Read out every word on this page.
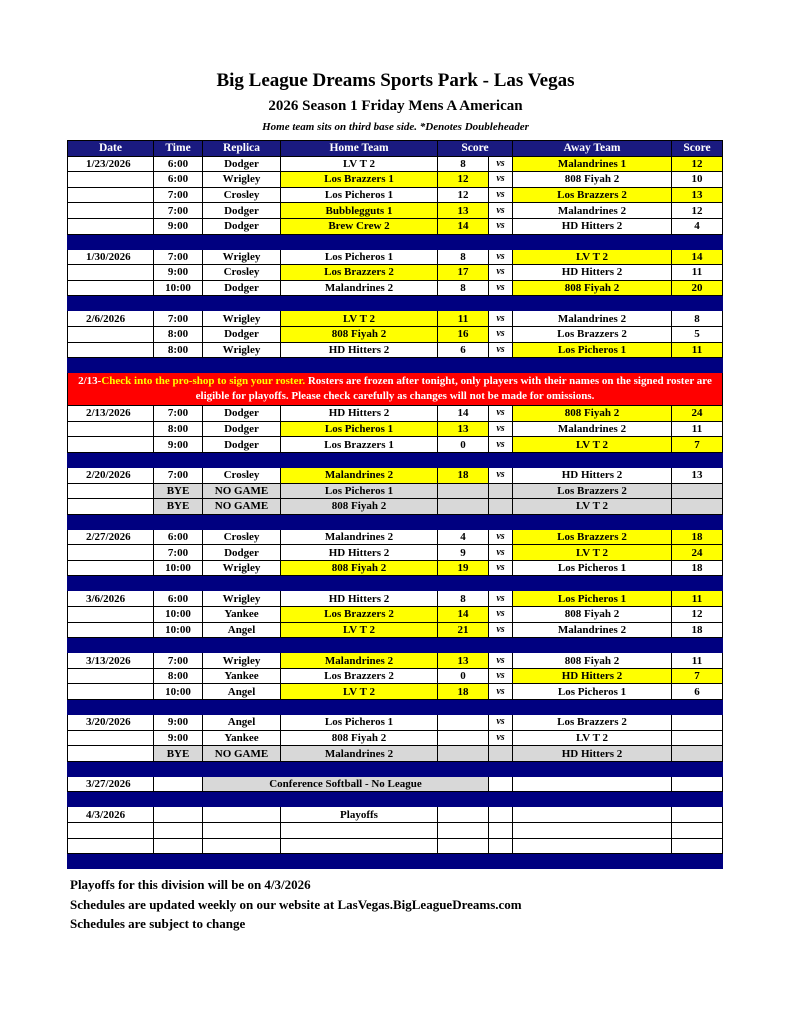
Big League Dreams Sports Park - Las Vegas
2026 Season 1 Friday Mens A American
Home team sits on third base side. *Denotes Doubleheader
Date	Time	Replica	Home Team	Score		Away Team	Score
1/23/2026	6:00	Dodger	LV T 2	8	vs	Malandrines 1	12
	6:00	Wrigley	Los Brazzers 1	12	vs	808 Fiyah 2	10
	7:00	Crosley	Los Picheros 1	12	vs	Los Brazzers 2	13
	7:00	Dodger	Bubblegguts 1	13	vs	Malandrines 2	12
	9:00	Dodger	Brew Crew 2	14	vs	HD Hitters 2	4

1/30/2026	7:00	Wrigley	Los Picheros 1	8	vs	LV T 2	14
	9:00	Crosley	Los Brazzers 2	17	vs	HD Hitters 2	11
	10:00	Dodger	Malandrines 2	8	vs	808 Fiyah 2	20

2/6/2026	7:00	Wrigley	LV T 2	11	vs	Malandrines 2	8
	8:00	Dodger	808 Fiyah 2	16	vs	Los Brazzers 2	5
	8:00	Wrigley	HD Hitters 2	6	vs	Los Picheros 1	11

2/13-Check into the pro-shop to sign your roster. Rosters are frozen after tonight, only players with their names on the signed roster are eligible for playoffs. Please check carefully as changes will not be made for omissions.							
2/13/2026	7:00	Dodger	HD Hitters 2	14	vs	808 Fiyah 2	24
	8:00	Dodger	Los Picheros 1	13	vs	Malandrines 2	11
	9:00	Dodger	Los Brazzers 1	0	vs	LV T 2	7

2/20/2026	7:00	Crosley	Malandrines 2	18	vs	HD Hitters 2	13
	BYE	NO GAME	Los Picheros 1			Los Brazzers 2	
	BYE	NO GAME	808 Fiyah 2			LV T 2	

2/27/2026	6:00	Crosley	Malandrines 2	4	vs	Los Brazzers 2	18
	7:00	Dodger	HD Hitters 2	9	vs	LV T 2	24
	10:00	Wrigley	808 Fiyah 2	19	vs	Los Picheros 1	18

3/6/2026	6:00	Wrigley	HD Hitters 2	8	vs	Los Picheros 1	11
	10:00	Yankee	Los Brazzers 2	14	vs	808 Fiyah 2	12
	10:00	Angel	LV T 2	21	vs	Malandrines 2	18

3/13/2026	7:00	Wrigley	Malandrines 2	13	vs	808 Fiyah 2	11
	8:00	Yankee	Los Brazzers 2	0	vs	HD Hitters 2	7
	10:00	Angel	LV T 2	18	vs	Los Picheros 1	6

3/20/2026	9:00	Angel	Los Picheros 1		vs	Los Brazzers 2	
	9:00	Yankee	808 Fiyah 2		vs	LV T 2	
	BYE	NO GAME	Malandrines 2			HD Hitters 2	

3/27/2026		Conference Softball - No League					

4/3/2026			Playoffs				

Playoffs for this division will be on 4/3/2026
Schedules are updated weekly on our website at LasVegas.BigLeagueDreams.com
Schedules are subject to change
